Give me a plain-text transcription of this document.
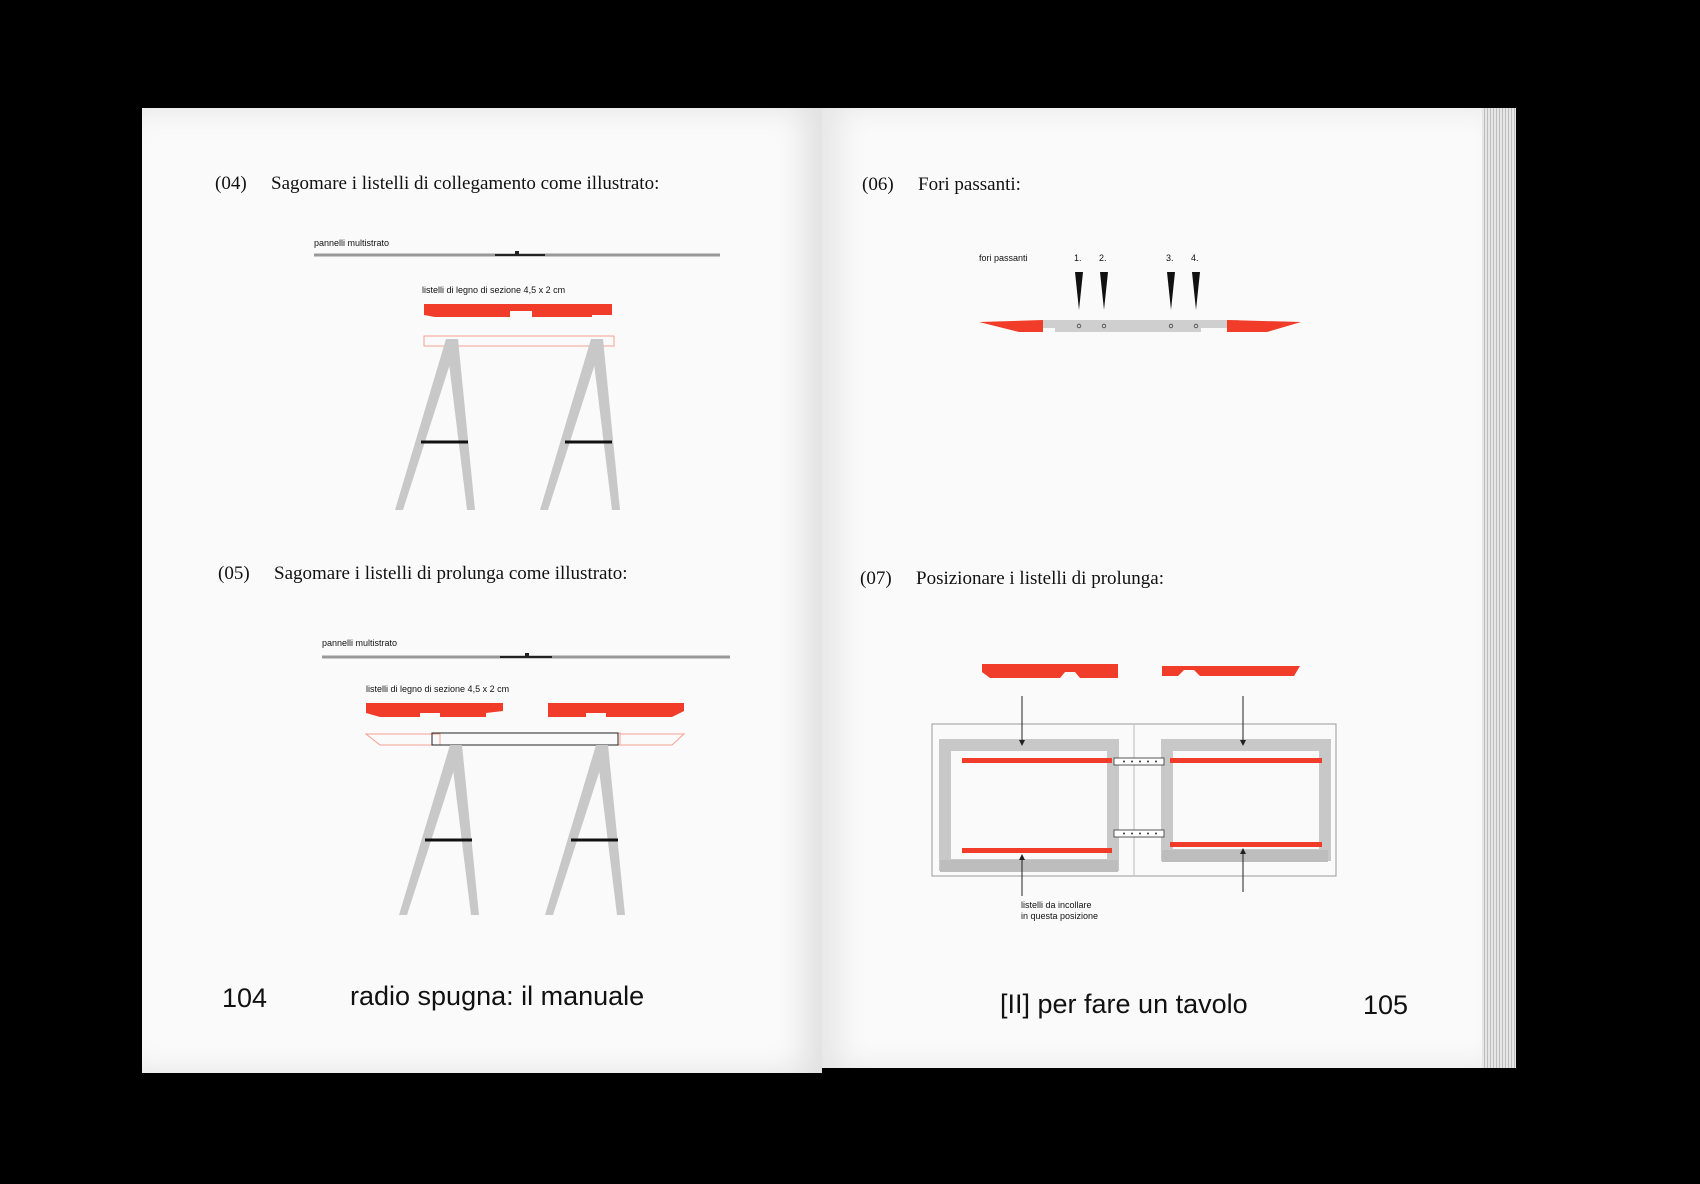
(04) Sagomare i listelli di collegamento come illustrato:
pannelli multistrato
listelli di legno di sezione 4,5 x 2 cm
(05) Sagomare i listelli di prolunga come illustrato:
pannelli multistrato
listelli di legno di sezione 4,5 x 2 cm
104	radio spugna: il manuale
(06) Fori passanti:
fori passanti	1. 2.	3. 4.
(07) Posizionare i listelli di prolunga:
listelli da incollare
in questa posizione
[II] per fare un tavolo	105
